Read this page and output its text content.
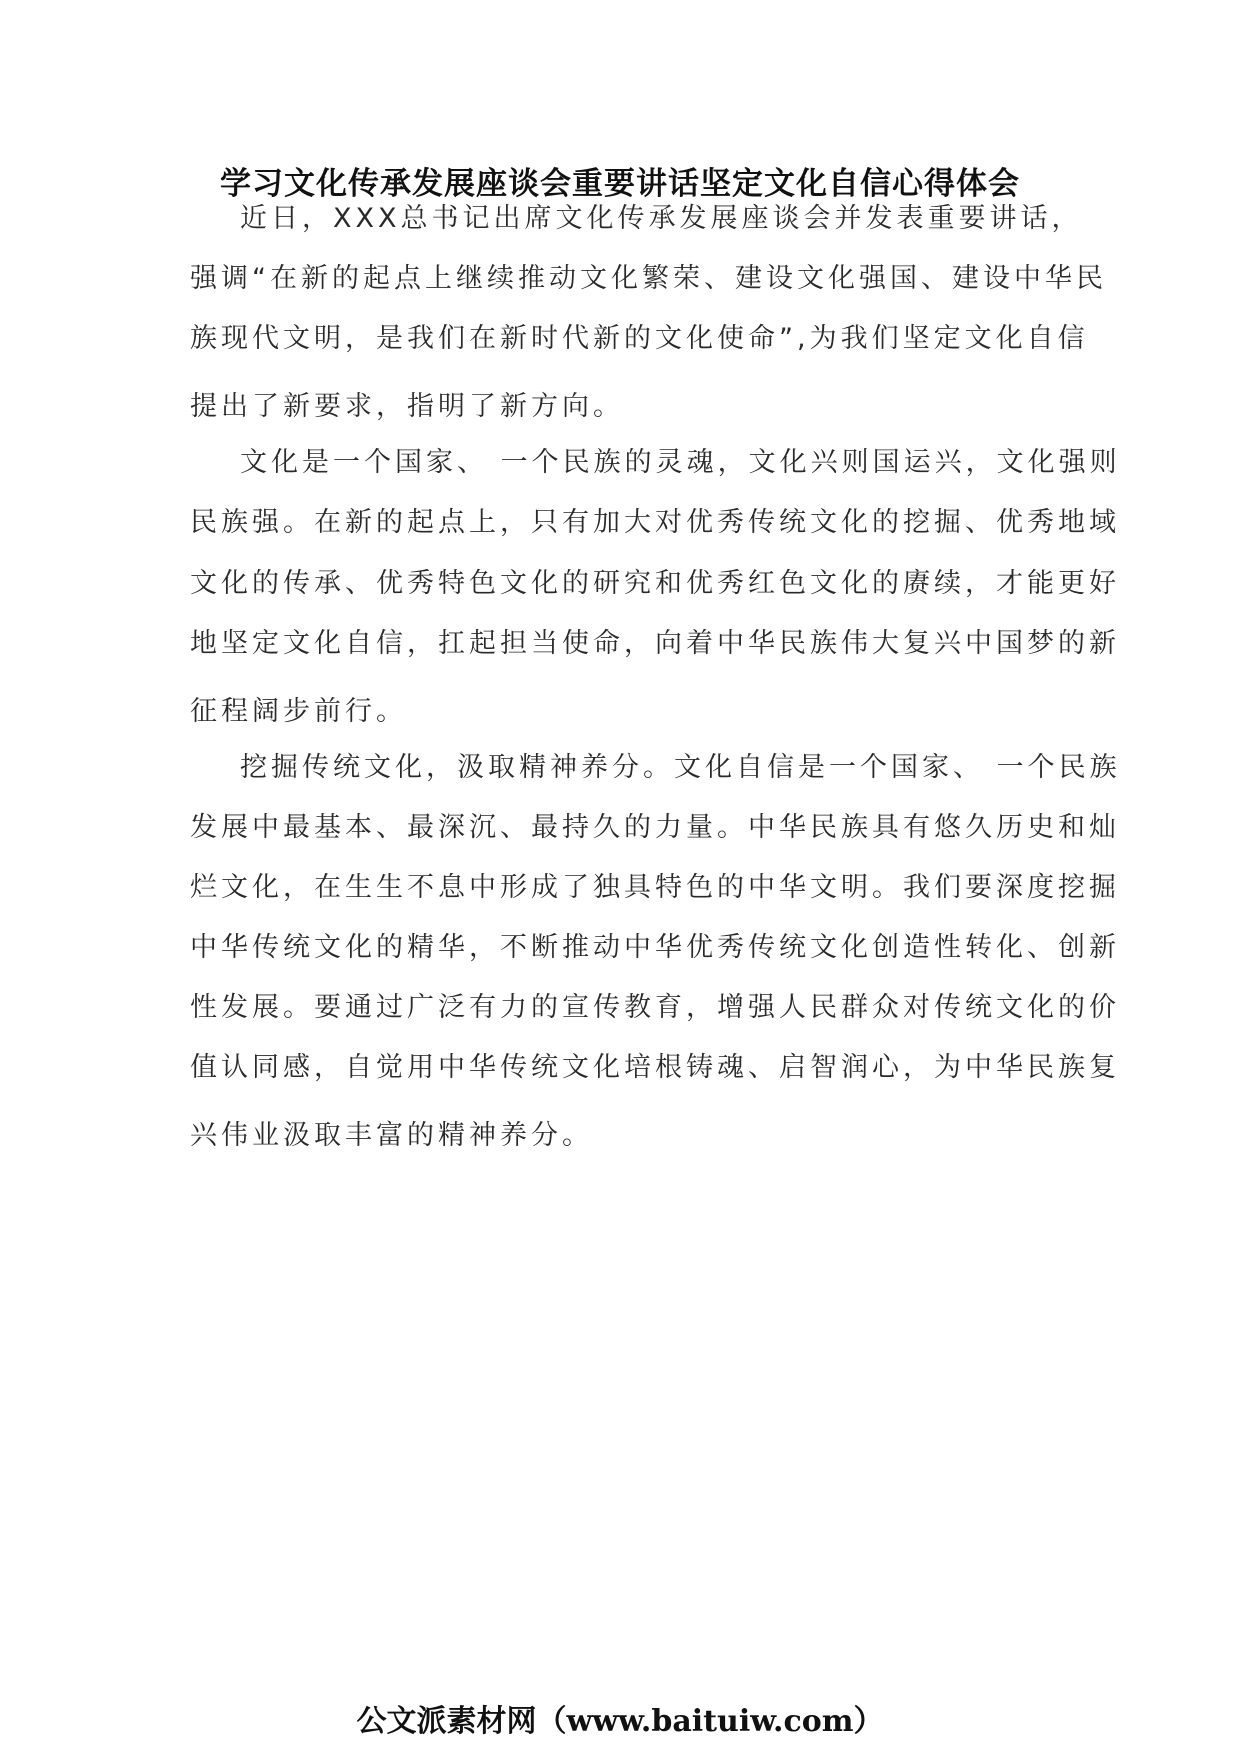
学习文化传承发展座谈会重要讲话坚定文化自信心得体会
近日，XXX总书记出席文化传承发展座谈会并发表重要讲话，
强调“在新的起点上继续推动文化繁荣、建设文化强国、建设中华民
族现代文明，是我们在新时代新的文化使命”,为我们坚定文化自信
提出了新要求，指明了新方向。
文化是一个国家、 一个民族的灵魂，文化兴则国运兴，文化强则
民族强。在新的起点上，只有加大对优秀传统文化的挖掘、优秀地域
文化的传承、优秀特色文化的研究和优秀红色文化的赓续，才能更好
地坚定文化自信，扛起担当使命，向着中华民族伟大复兴中国梦的新
征程阔步前行。
挖掘传统文化，汲取精神养分。文化自信是一个国家、 一个民族
发展中最基本、最深沉、最持久的力量。中华民族具有悠久历史和灿
烂文化，在生生不息中形成了独具特色的中华文明。我们要深度挖掘
中华传统文化的精华，不断推动中华优秀传统文化创造性转化、创新
性发展。要通过广泛有力的宣传教育，增强人民群众对传统文化的价
值认同感，自觉用中华传统文化培根铸魂、启智润心，为中华民族复
兴伟业汲取丰富的精神养分。
公文派素材网（www.baituiw.com）
